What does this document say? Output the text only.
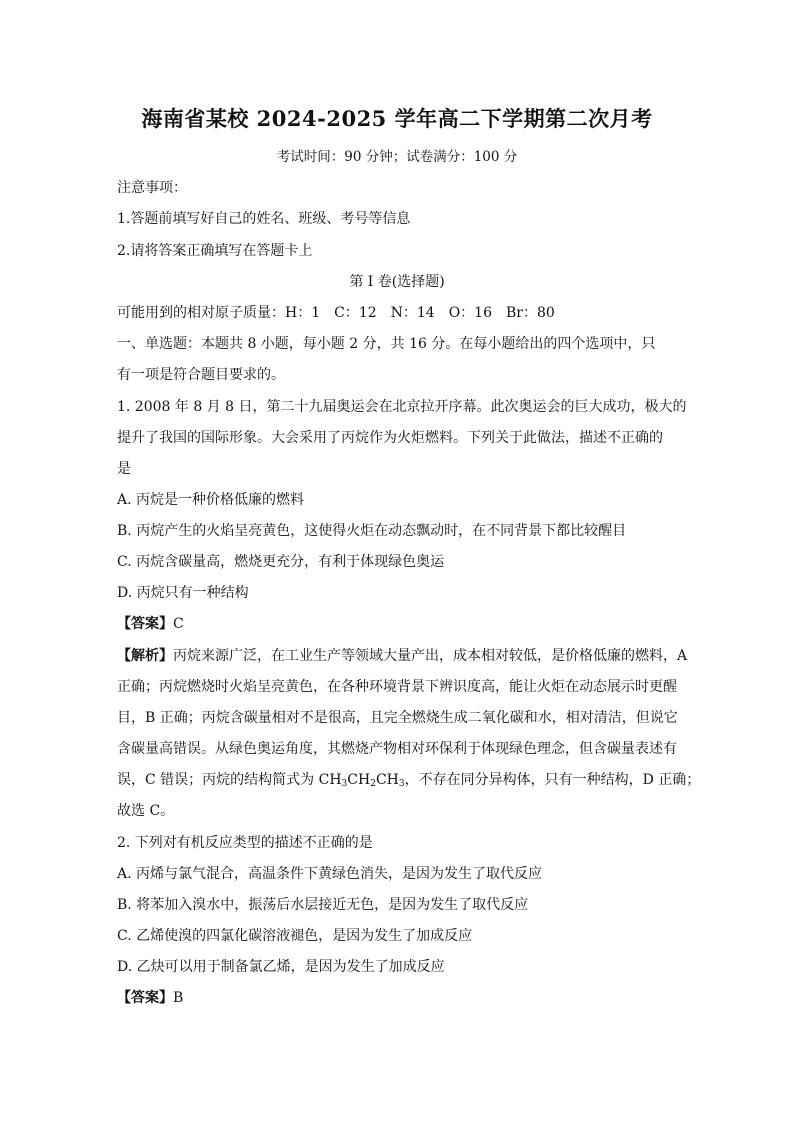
海南省某校 2024-2025 学年高二下学期第二次月考
考试时间：90 分钟；试卷满分：100 分
注意事项：
1.答题前填写好自己的姓名、班级、考号等信息
2.请将答案正确填写在答题卡上
第 I 卷(选择题)
可能用到的相对原子质量：H：1　C：12　N：14　O：16　Br：80
一、单选题：本题共 8 小题，每小题 2 分，共 16 分。在每小题给出的四个选项中，只
有一项是符合题目要求的。
1. 2008 年 8 月 8 日，第二十九届奥运会在北京拉开序幕。此次奥运会的巨大成功，极大的
提升了我国的国际形象。大会采用了丙烷作为火炬燃料。下列关于此做法，描述不正确的
是
A. 丙烷是一种价格低廉的燃料
B. 丙烷产生的火焰呈亮黄色，这使得火炬在动态飘动时，在不同背景下都比较醒目
C. 丙烷含碳量高，燃烧更充分，有利于体现绿色奥运
D. 丙烷只有一种结构
【答案】C
【解析】丙烷来源广泛，在工业生产等领域大量产出，成本相对较低，是价格低廉的燃料，A
正确；丙烷燃烧时火焰呈亮黄色，在各种环境背景下辨识度高，能让火炬在动态展示时更醒
目，B 正确；丙烷含碳量相对不是很高，且完全燃烧生成二氧化碳和水，相对清洁，但说它
含碳量高错误。从绿色奥运角度，其燃烧产物相对环保利于体现绿色理念，但含碳量表述有
误，C 错误；丙烷的结构简式为 $CH_3CH_2CH_3$，不存在同分异构体，只有一种结构，D 正确；
故选 C。
2. 下列对有机反应类型的描述不正确的是
A. 丙烯与氯气混合，高温条件下黄绿色消失，是因为发生了取代反应
B. 将苯加入溴水中，振荡后水层接近无色，是因为发生了取代反应
C. 乙烯使溴的四氯化碳溶液褪色，是因为发生了加成反应
D. 乙炔可以用于制备氯乙烯，是因为发生了加成反应
【答案】B
